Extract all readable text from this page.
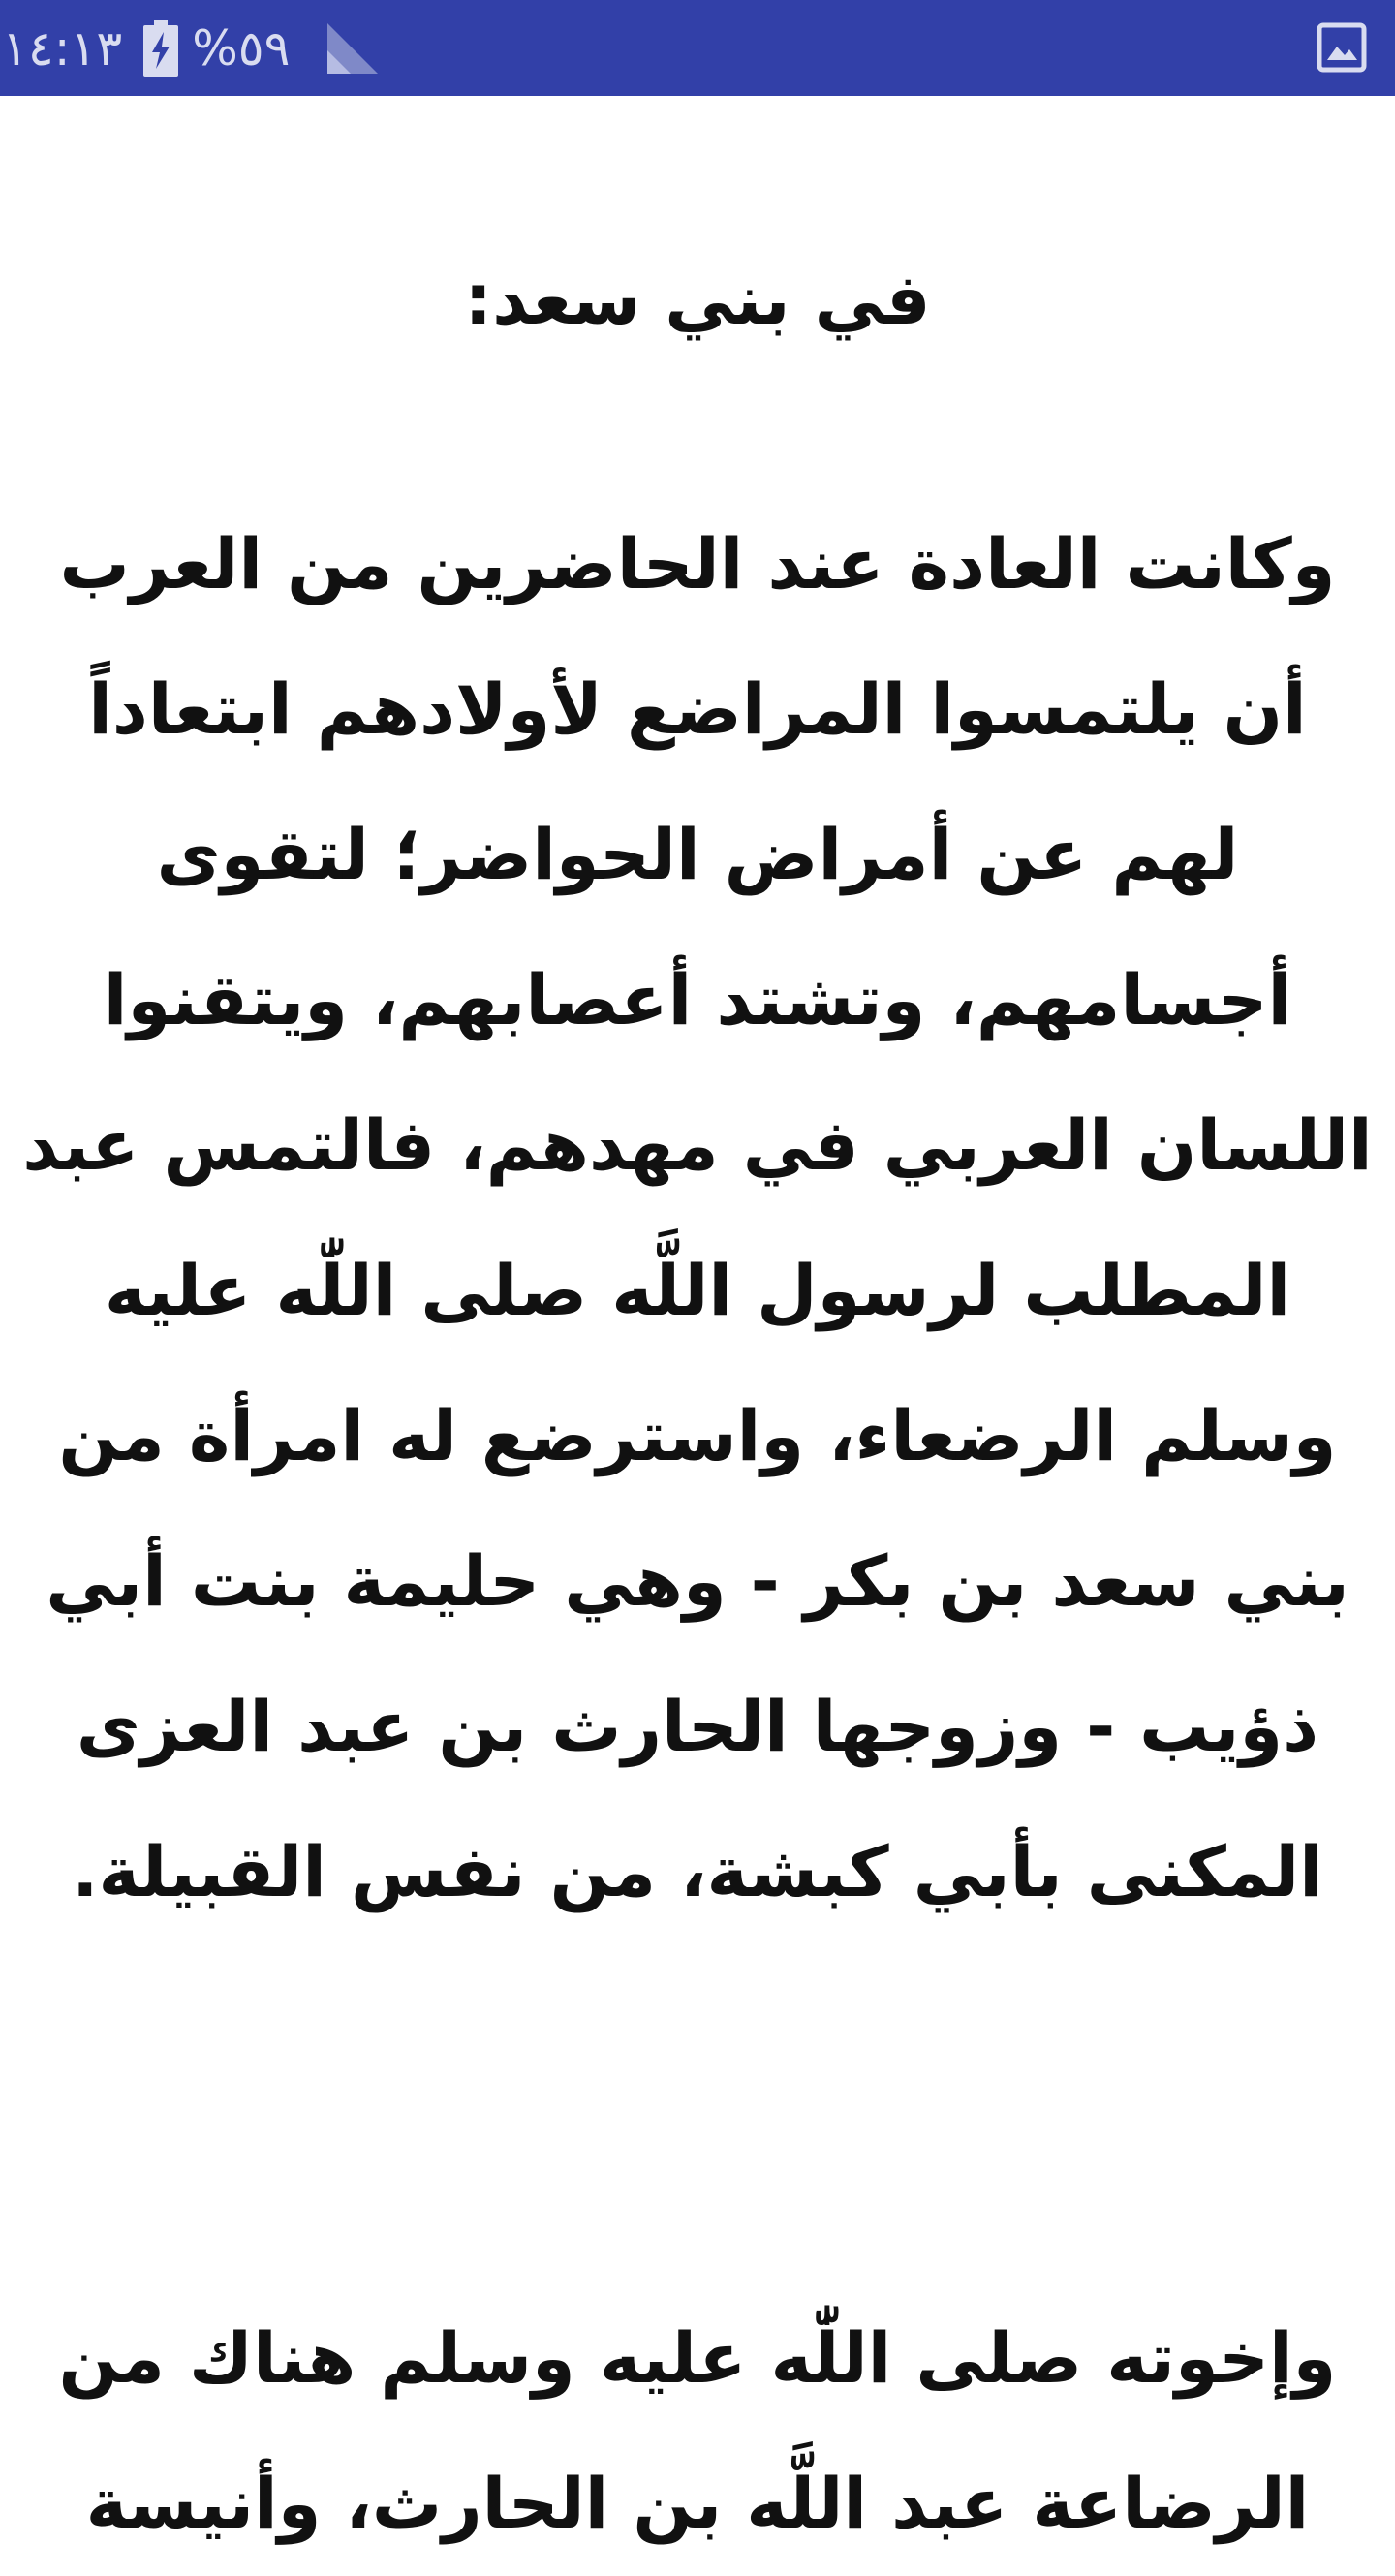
١٤:١٣ %٥٩
في بني سعد:
وكانت العادة عند الحاضرين من العرب أن يلتمسوا المراضع لأولادهم ابتعاداً لهم عن أمراض الحواضر؛ لتقوى أجسامهم، وتشتد أعصابهم، ويتقنوا اللسان العربي في مهدهم، فالتمس عبد المطلب لرسول اللَّه صلى اللّٰه عليه وسلم الرضعاء، واسترضع له امرأة من بني سعد بن بكر - وهي حليمة بنت أبي ذؤيب - وزوجها الحارث بن عبد العزى المكنى بأبي كبشة، من نفس القبيلة.
وإخوته صلى اللّٰه عليه وسلم هناك من الرضاعة عبد اللَّه بن الحارث، وأنيسة
